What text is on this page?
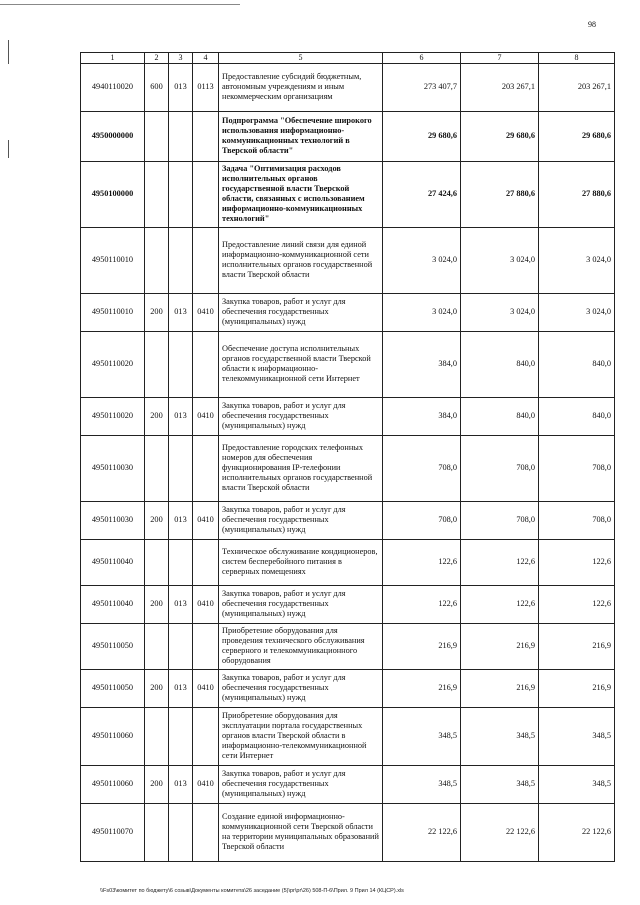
98
1	2	3	4	5	6	7	8
4940110020	600	013	0113	Предоставление субсидий бюджетным, автономным учреждениям и иным некоммерческим организациям	273 407,7	203 267,1	203 267,1
4950000000				Подпрограмма "Обеспечение широкого использования информационно-коммуникационных технологий в Тверской области"	29 680,6	29 680,6	29 680,6
4950100000				Задача "Оптимизация расходов исполнительных органов государственной власти Тверской области, связанных с использованием информационно-коммуникационных технологий"	27 424,6	27 880,6	27 880,6
4950110010				Предоставление линий связи для единой информационно-коммуникационной сети исполнительных органов государственной власти Тверской области	3 024,0	3 024,0	3 024,0
4950110010	200	013	0410	Закупка товаров, работ и услуг для обеспечения государственных (муниципальных) нужд	3 024,0	3 024,0	3 024,0
4950110020				Обеспечение доступа исполнительных органов государственной власти Тверской области к информационно-телекоммуникационной сети Интернет	384,0	840,0	840,0
4950110020	200	013	0410	Закупка товаров, работ и услуг для обеспечения государственных (муниципальных) нужд	384,0	840,0	840,0
4950110030				Предоставление городских телефонных номеров для обеспечения функционирования IP-телефонии исполнительных органов государственной власти Тверской области	708,0	708,0	708,0
4950110030	200	013	0410	Закупка товаров, работ и услуг для обеспечения государственных (муниципальных) нужд	708,0	708,0	708,0
4950110040				Техническое обслуживание кондиционеров, систем бесперебойного питания в серверных помещениях	122,6	122,6	122,6
4950110040	200	013	0410	Закупка товаров, работ и услуг для обеспечения государственных (муниципальных) нужд	122,6	122,6	122,6
4950110050				Приобретение оборудования для проведения технического обслуживания серверного и телекоммуникационного оборудования	216,9	216,9	216,9
4950110050	200	013	0410	Закупка товаров, работ и услуг для обеспечения государственных (муниципальных) нужд	216,9	216,9	216,9
4950110060				Приобретение оборудования для эксплуатации портала государственных органов власти Тверской области в информационно-телекоммуникационной сети Интернет	348,5	348,5	348,5
4950110060	200	013	0410	Закупка товаров, работ и услуг для обеспечения государственных (муниципальных) нужд	348,5	348,5	348,5
4950110070				Создание единой информационно-коммуникационной сети Тверской области на территории муниципальных образований Тверской области	22 122,6	22 122,6	22 122,6
\\Fs03\комитет по бюджету\6 созыв\Документы комитета\26 заседание (5)\pr\pr\26) 508-П-6\Прил. 9 Прил 14 (КЦСР).xls
